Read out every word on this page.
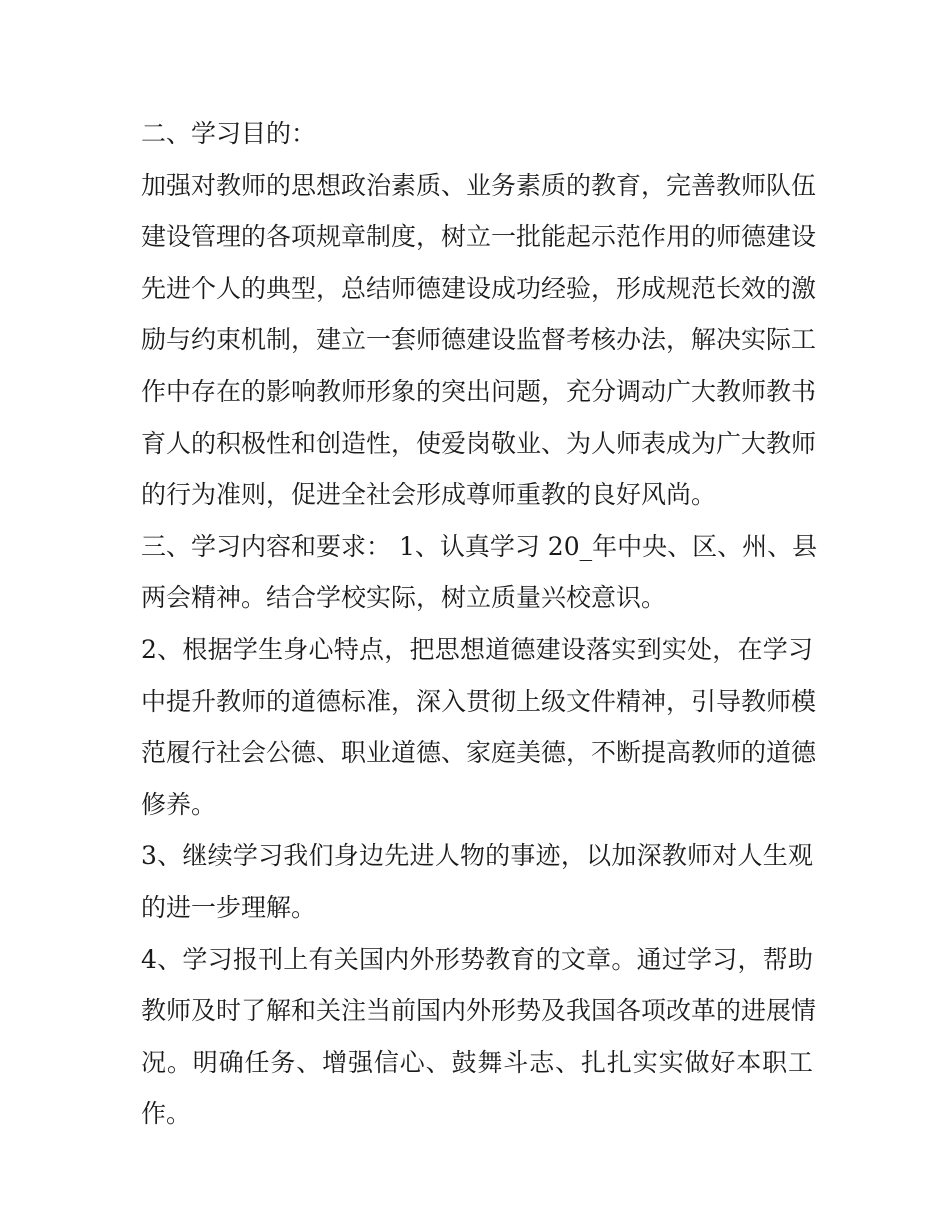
二、学习目的：
加强对教师的思想政治素质、业务素质的教育，完善教师队伍
建设管理的各项规章制度，树立一批能起示范作用的师德建设
先进个人的典型，总结师德建设成功经验，形成规范长效的激
励与约束机制，建立一套师德建设监督考核办法，解决实际工
作中存在的影响教师形象的突出问题，充分调动广大教师教书
育人的积极性和创造性，使爱岗敬业、为人师表成为广大教师
的行为准则，促进全社会形成尊师重教的良好风尚。
三、学习内容和要求： 1、认真学习 20_年中央、区、州、县
两会精神。结合学校实际，树立质量兴校意识。
2、根据学生身心特点，把思想道德建设落实到实处，在学习
中提升教师的道德标准，深入贯彻上级文件精神，引导教师模
范履行社会公德、职业道德、家庭美德，不断提高教师的道德
修养。
3、继续学习我们身边先进人物的事迹，以加深教师对人生观
的进一步理解。
4、学习报刊上有关国内外形势教育的文章。通过学习，帮助
教师及时了解和关注当前国内外形势及我国各项改革的进展情
况。明确任务、增强信心、鼓舞斗志、扎扎实实做好本职工
作。
